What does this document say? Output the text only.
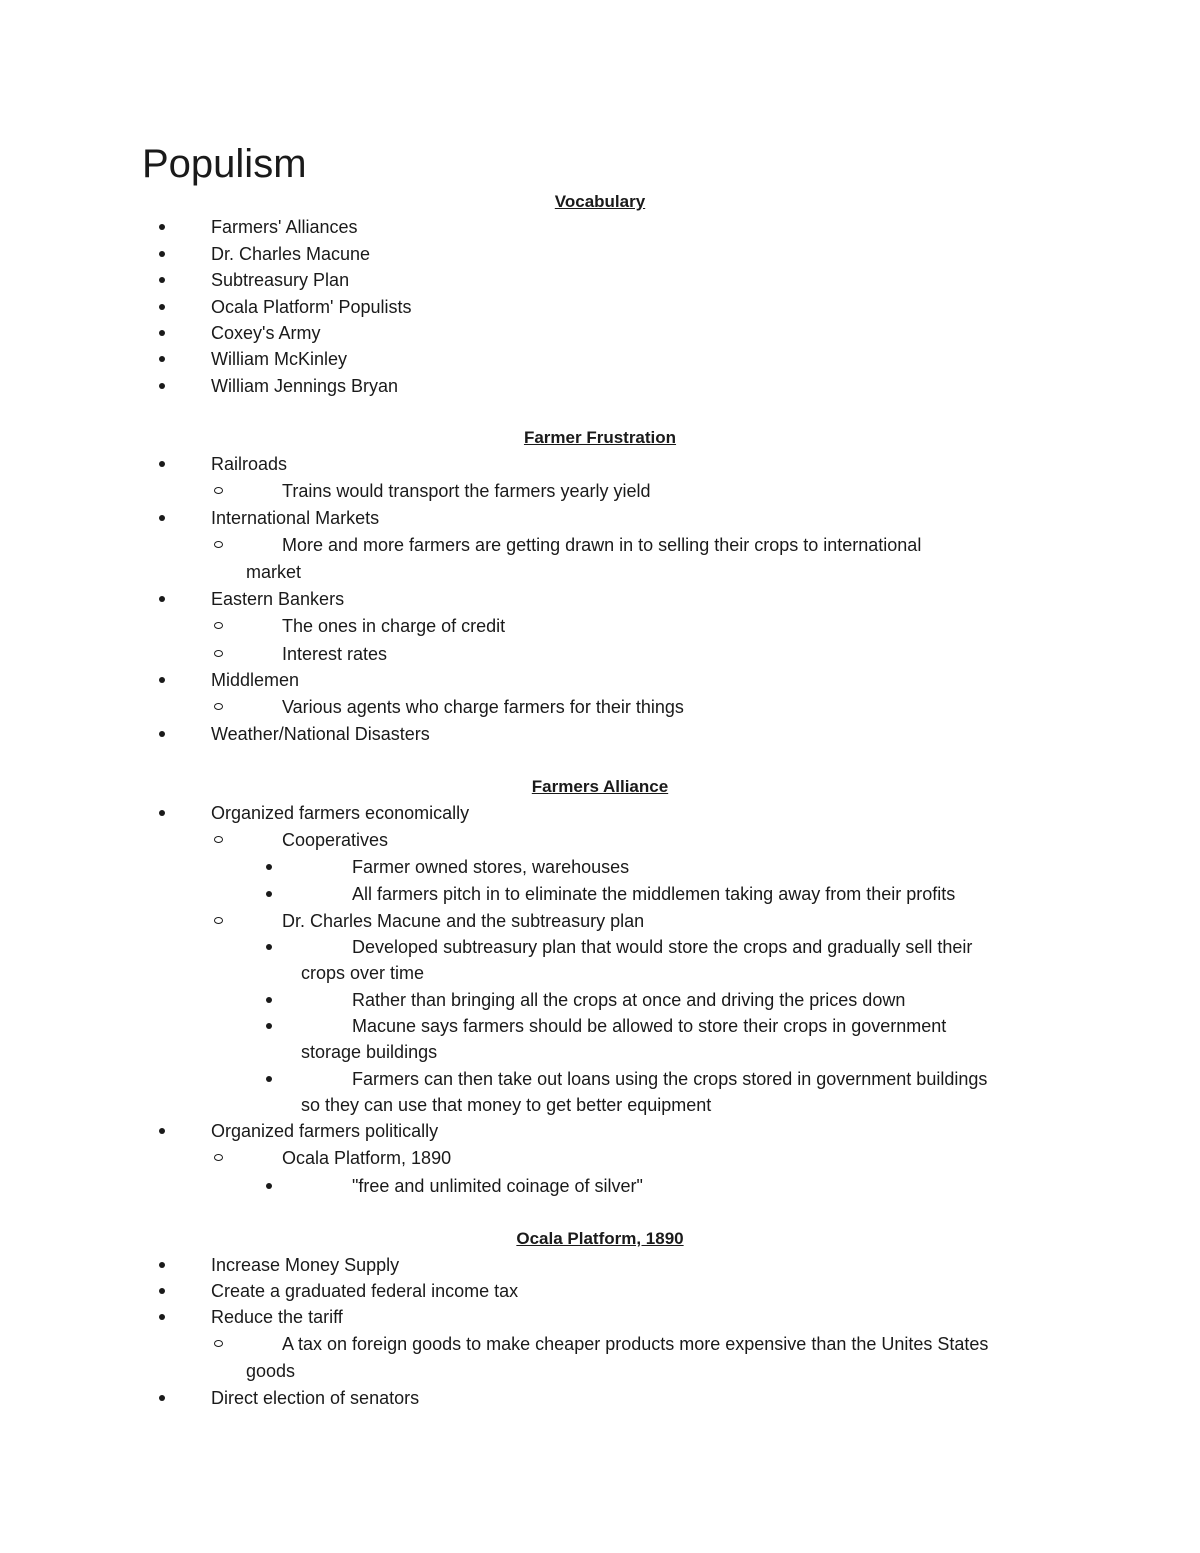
Populism
Vocabulary
Farmers' Alliances
Dr. Charles Macune
Subtreasury Plan
Ocala Platform' Populists
Coxey's Army
William McKinley
William Jennings Bryan
Farmer Frustration
Railroads
Trains would transport the farmers yearly yield
International Markets
More and more farmers are getting drawn in to selling their crops to international
market
Eastern Bankers
The ones in charge of credit
Interest rates
Middlemen
Various agents who charge farmers for their things
Weather/National Disasters
Farmers Alliance
Organized farmers economically
Cooperatives
Farmer owned stores, warehouses
All farmers pitch in to eliminate the middlemen taking away from their profits
Dr. Charles Macune and the subtreasury plan
Developed subtreasury plan that would store the crops and gradually sell their
crops over time
Rather than bringing all the crops at once and driving the prices down
Macune says farmers should be allowed to store their crops in government
storage buildings
Farmers can then take out loans using the crops stored in government buildings
so they can use that money to get better equipment
Organized farmers politically
Ocala Platform, 1890
"free and unlimited coinage of silver"
Ocala Platform, 1890
Increase Money Supply
Create a graduated federal income tax
Reduce the tariff
A tax on foreign goods to make cheaper products more expensive than the Unites States
goods
Direct election of senators
